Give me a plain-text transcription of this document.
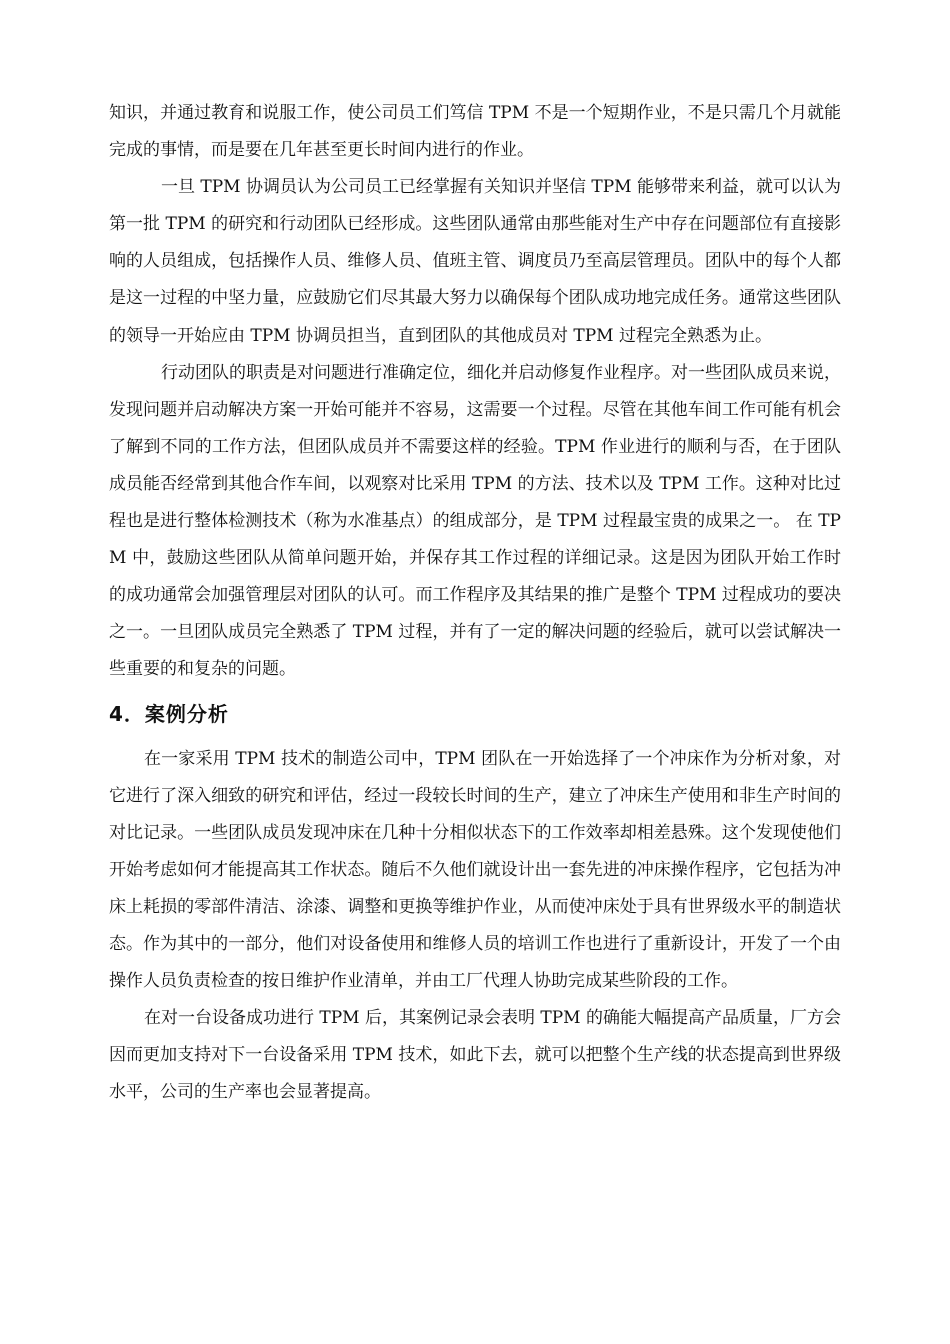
知识，并通过教育和说服工作，使公司员工们笃信 TPM 不是一个短期作业，不是只需几个月就能完成的事情，而是要在几年甚至更长时间内进行的作业。

一旦 TPM 协调员认为公司员工已经掌握有关知识并坚信 TPM 能够带来利益，就可以认为第一批 TPM 的研究和行动团队已经形成。这些团队通常由那些能对生产中存在问题部位有直接影响的人员组成，包括操作人员、维修人员、值班主管、调度员乃至高层管理员。团队中的每个人都是这一过程的中坚力量，应鼓励它们尽其最大努力以确保每个团队成功地完成任务。通常这些团队的领导一开始应由 TPM 协调员担当，直到团队的其他成员对 TPM 过程完全熟悉为止。

行动团队的职责是对问题进行准确定位，细化并启动修复作业程序。对一些团队成员来说，发现问题并启动解决方案一开始可能并不容易，这需要一个过程。尽管在其他车间工作可能有机会了解到不同的工作方法，但团队成员并不需要这样的经验。TPM 作业进行的顺利与否，在于团队成员能否经常到其他合作车间，以观察对比采用 TPM 的方法、技术以及 TPM 工作。这种对比过程也是进行整体检测技术（称为水准基点）的组成部分，是 TPM 过程最宝贵的成果之一。 在 TPM 中，鼓励这些团队从简单问题开始，并保存其工作过程的详细记录。这是因为团队开始工作时的成功通常会加强管理层对团队的认可。而工作程序及其结果的推广是整个 TPM 过程成功的要决之一。一旦团队成员完全熟悉了 TPM 过程，并有了一定的解决问题的经验后，就可以尝试解决一些重要的和复杂的问题。

4．案例分析

在一家采用 TPM 技术的制造公司中，TPM 团队在一开始选择了一个冲床作为分析对象，对它进行了深入细致的研究和评估，经过一段较长时间的生产，建立了冲床生产使用和非生产时间的对比记录。一些团队成员发现冲床在几种十分相似状态下的工作效率却相差悬殊。这个发现使他们开始考虑如何才能提高其工作状态。随后不久他们就设计出一套先进的冲床操作程序，它包括为冲床上耗损的零部件清洁、涂漆、调整和更换等维护作业，从而使冲床处于具有世界级水平的制造状态。作为其中的一部分，他们对设备使用和维修人员的培训工作也进行了重新设计，开发了一个由操作人员负责检查的按日维护作业清单，并由工厂代理人协助完成某些阶段的工作。

在对一台设备成功进行 TPM 后，其案例记录会表明 TPM 的确能大幅提高产品质量，厂方会因而更加支持对下一台设备采用 TPM 技术，如此下去，就可以把整个生产线的状态提高到世界级水平，公司的生产率也会显著提高。
